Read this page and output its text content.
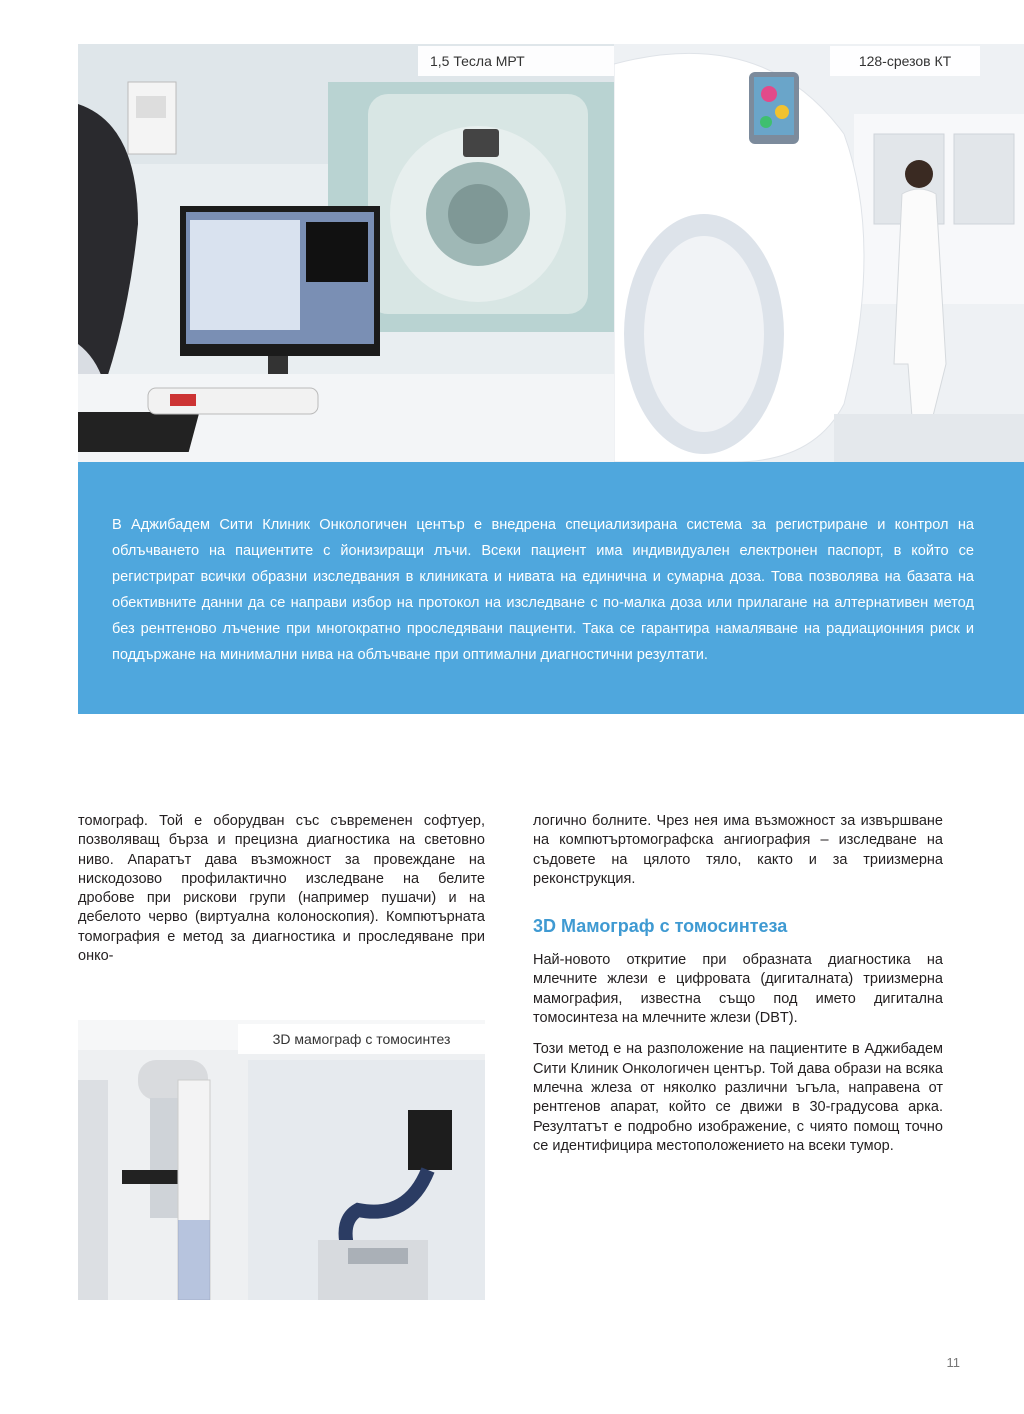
1,5 Тесла МРТ	128-срезов КТ

В Аджибадем Сити Клиник Онкологичен център е внедрена специализирана система за регистриране и контрол на облъчването на пациентите с йонизиращи лъчи. Всеки пациент има индивидуален електронен паспорт, в който се регистрират всички образни изследвания в клиниката и нивата на единична и сумарна доза. Това позволява на базата на обективните данни да се направи избор на протокол на изследване с по-малка доза или прилагане на алтернативен метод без рентгеново лъчение при многократно проследявани пациенти. Така се гарантира намаляване на радиационния риск и поддържане на минимални нива на облъчване при оптимални диагностични резултати.

томограф. Той е оборудван със съвременен софтуер, позволяващ бърза и прецизна диагностика на световно ниво. Апаратът дава възможност за провеждане на нискодозово профилактично изследване на белите дробове при рискови групи (например пушачи) и на дебелото черво (виртуална колоноскопия). Компютърната томография е метод за диагностика и проследяване при онко-

3D мамограф с томосинтез

логично болните. Чрез нея има възможност за извършване на компютъртомографска ангиография – изследване на съдовете на цялото тяло, както и за триизмерна реконструкция.

3D Мамограф с томосинтеза

Най-новото откритие при образната диагностика на млечните жлези е цифровата (дигиталната) триизмерна мамография, известна също под името дигитална томосинтеза на млечните жлези (DBT).

Този метод е на разположение на пациентите в Аджибадем Сити Клиник Онкологичен център. Той дава образи на всяка млечна жлеза от няколко различни ъгъла, направена от рентгенов апарат, който се движи в 30-градусова арка. Резултатът е подробно изображение, с чиято помощ точно се идентифицира местоположението на всеки тумор.

11
